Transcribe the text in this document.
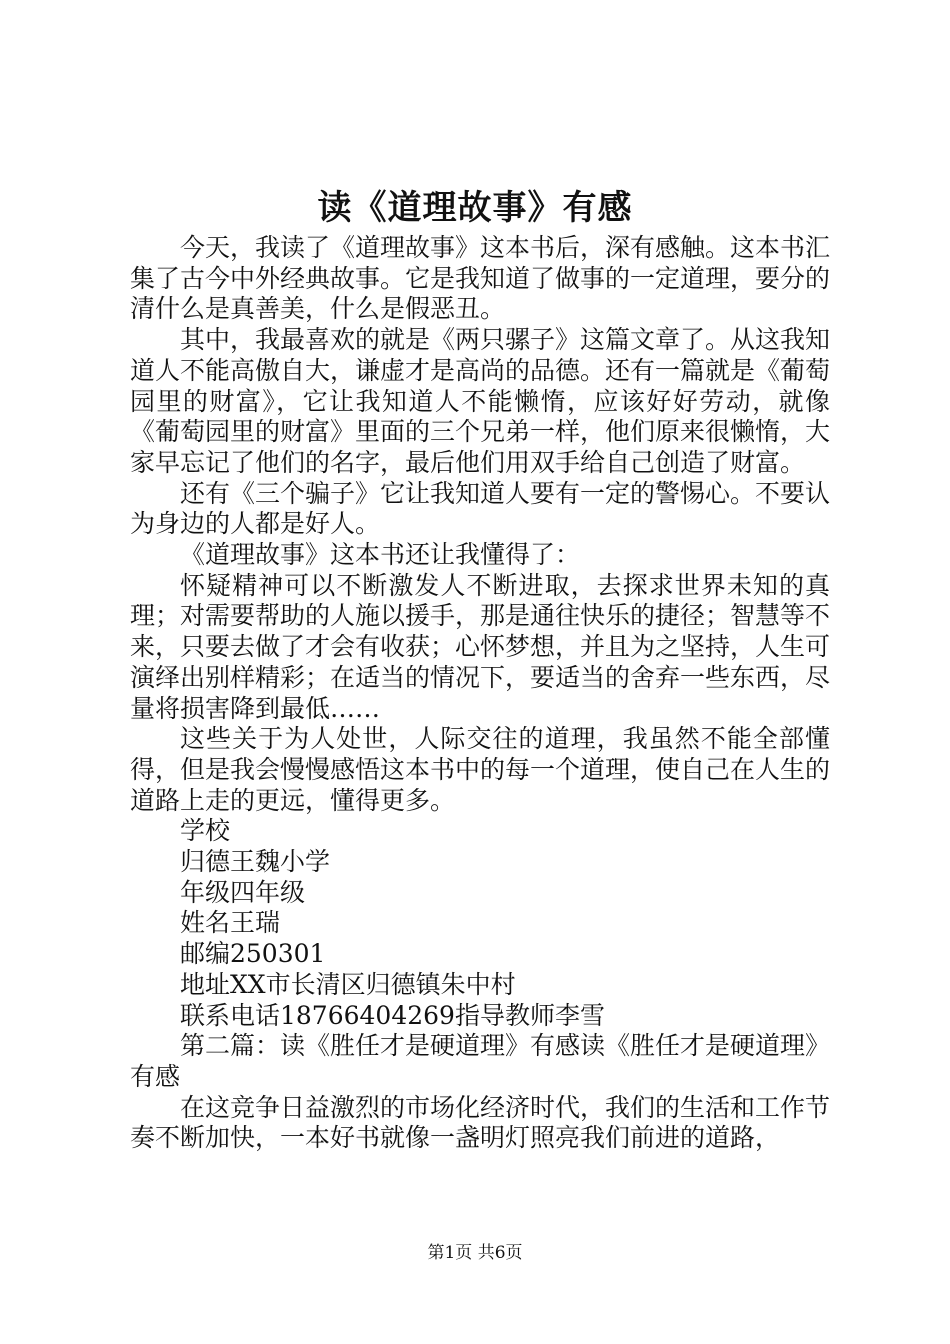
读《道理故事》有感

今天，我读了《道理故事》这本书后，深有感触。这本书汇集了古今中外经典故事。它是我知道了做事的一定道理，要分的清什么是真善美，什么是假恶丑。

其中，我最喜欢的就是《两只骡子》这篇文章了。从这我知道人不能高傲自大，谦虚才是高尚的品德。还有一篇就是《葡萄园里的财富》，它让我知道人不能懒惰，应该好好劳动，就像《葡萄园里的财富》里面的三个兄弟一样，他们原来很懒惰，大家早忘记了他们的名字，最后他们用双手给自己创造了财富。

还有《三个骗子》它让我知道人要有一定的警惕心。不要认为身边的人都是好人。

《道理故事》这本书还让我懂得了：

怀疑精神可以不断激发人不断进取，去探求世界未知的真理；对需要帮助的人施以援手，那是通往快乐的捷径；智慧等不来，只要去做了才会有收获；心怀梦想，并且为之坚持，人生可演绎出别样精彩；在适当的情况下，要适当的舍弃一些东西，尽量将损害降到最低……

这些关于为人处世，人际交往的道理，我虽然不能全部懂得，但是我会慢慢感悟这本书中的每一个道理，使自己在人生的道路上走的更远，懂得更多。

学校

归德王魏小学

年级四年级

姓名王瑞

邮编250301

地址XX市长清区归德镇朱中村

联系电话18766404269指导教师李雪

第二篇：读《胜任才是硬道理》有感读《胜任才是硬道理》有感

在这竞争日益激烈的市场化经济时代，我们的生活和工作节奏不断加快，一本好书就像一盏明灯照亮我们前进的道路，

第1页 共6页
